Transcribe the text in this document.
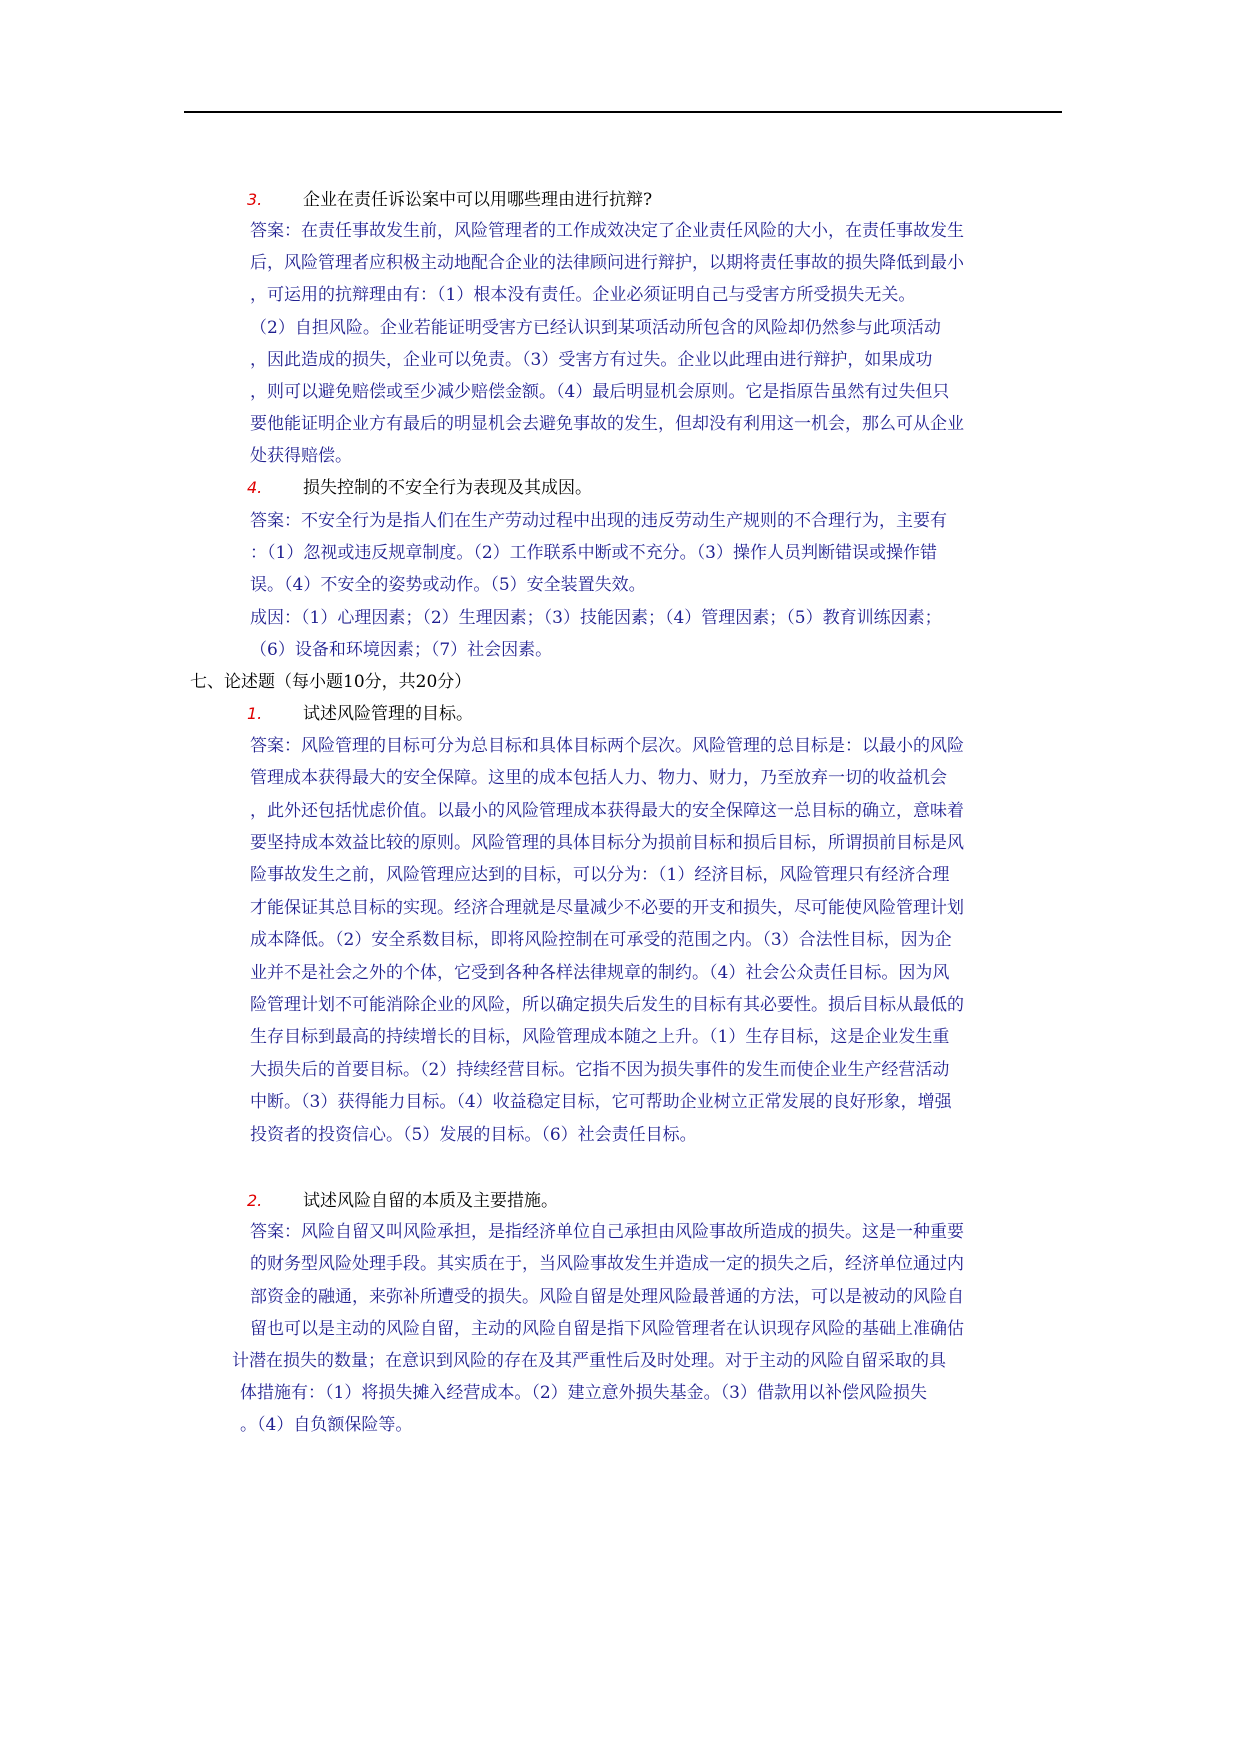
3. 企业在责任诉讼案中可以用哪些理由进行抗辩?
答案：在责任事故发生前，风险管理者的工作成效决定了企业责任风险的大小，在责任事故发生
后，风险管理者应积极主动地配合企业的法律顾问进行辩护，以期将责任事故的损失降低到最小
，可运用的抗辩理由有：（1）根本没有责任。企业必须证明自己与受害方所受损失无关。
（2）自担风险。企业若能证明受害方已经认识到某项活动所包含的风险却仍然参与此项活动
，因此造成的损失，企业可以免责。（3）受害方有过失。企业以此理由进行辩护，如果成功
，则可以避免赔偿或至少减少赔偿金额。（4）最后明显机会原则。它是指原告虽然有过失但只
要他能证明企业方有最后的明显机会去避免事故的发生，但却没有利用这一机会，那么可从企业
处获得赔偿。
4. 损失控制的不安全行为表现及其成因。
答案：不安全行为是指人们在生产劳动过程中出现的违反劳动生产规则的不合理行为，主要有
：（1）忽视或违反规章制度。（2）工作联系中断或不充分。（3）操作人员判断错误或操作错
误。（4）不安全的姿势或动作。（5）安全装置失效。
成因：（1）心理因素；（2）生理因素；（3）技能因素；（4）管理因素；（5）教育训练因素；
（6）设备和环境因素；（7）社会因素。
七、论述题（每小题10分，共20分）
1. 试述风险管理的目标。
答案：风险管理的目标可分为总目标和具体目标两个层次。风险管理的总目标是：以最小的风险
管理成本获得最大的安全保障。这里的成本包括人力、物力、财力，乃至放弃一切的收益机会
，此外还包括忧虑价值。以最小的风险管理成本获得最大的安全保障这一总目标的确立，意味着
要坚持成本效益比较的原则。风险管理的具体目标分为损前目标和损后目标，所谓损前目标是风
险事故发生之前，风险管理应达到的目标，可以分为：（1）经济目标，风险管理只有经济合理
才能保证其总目标的实现。经济合理就是尽量减少不必要的开支和损失，尽可能使风险管理计划
成本降低。（2）安全系数目标，即将风险控制在可承受的范围之内。（3）合法性目标，因为企
业并不是社会之外的个体，它受到各种各样法律规章的制约。（4）社会公众责任目标。因为风
险管理计划不可能消除企业的风险，所以确定损失后发生的目标有其必要性。损后目标从最低的
生存目标到最高的持续增长的目标，风险管理成本随之上升。（1）生存目标，这是企业发生重
大损失后的首要目标。（2）持续经营目标。它指不因为损失事件的发生而使企业生产经营活动
中断。（3）获得能力目标。（4）收益稳定目标，它可帮助企业树立正常发展的良好形象，增强
投资者的投资信心。（5）发展的目标。（6）社会责任目标。
2. 试述风险自留的本质及主要措施。
答案：风险自留又叫风险承担，是指经济单位自己承担由风险事故所造成的损失。这是一种重要
的财务型风险处理手段。其实质在于，当风险事故发生并造成一定的损失之后，经济单位通过内
部资金的融通，来弥补所遭受的损失。风险自留是处理风险最普通的方法，可以是被动的风险自
留也可以是主动的风险自留，主动的风险自留是指下风险管理者在认识现存风险的基础上准确估
计潜在损失的数量；在意识到风险的存在及其严重性后及时处理。对于主动的风险自留采取的具
体措施有：（1）将损失摊入经营成本。（2）建立意外损失基金。（3）借款用以补偿风险损失
。（4）自负额保险等。
